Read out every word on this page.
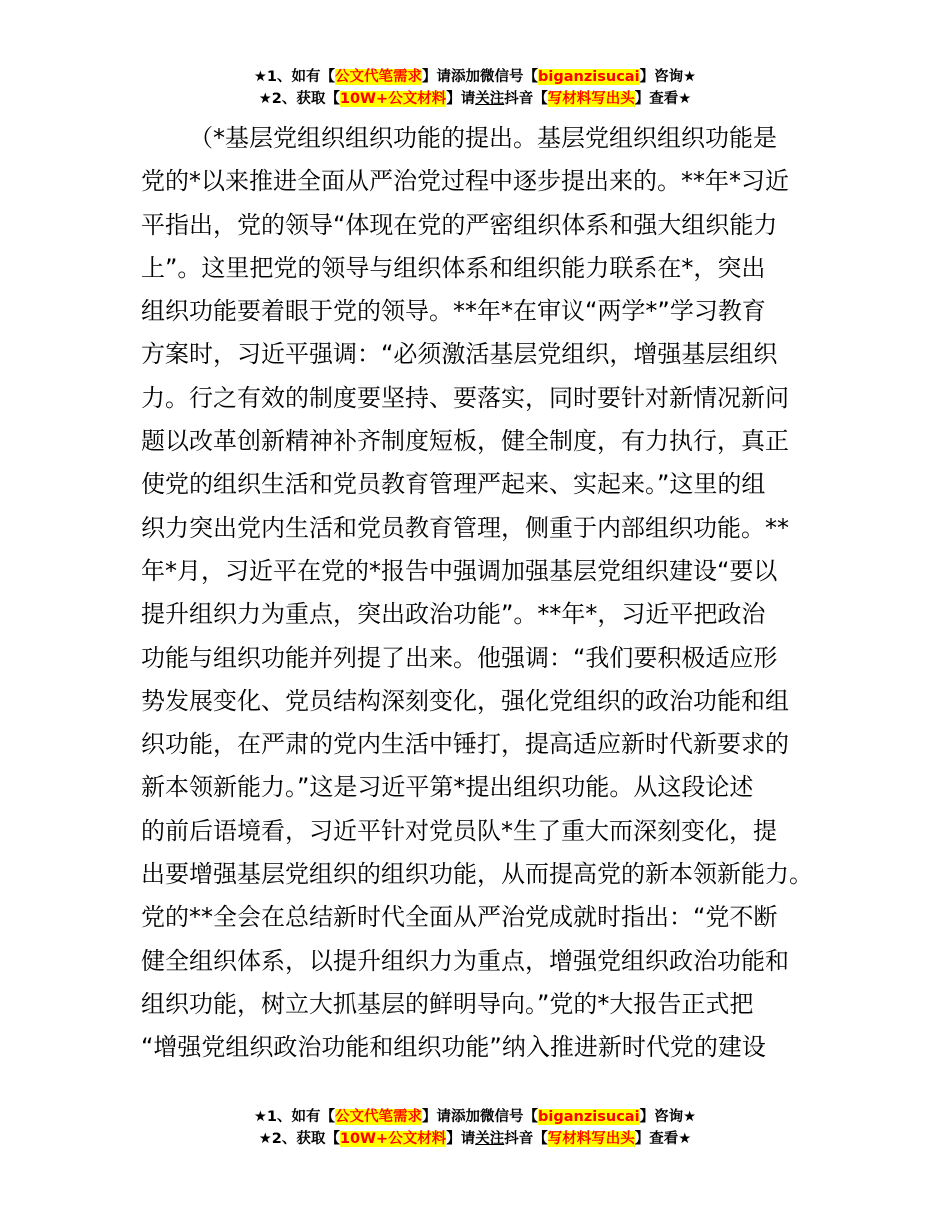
★1、如有【公文代笔需求】请添加微信号【biganzisucai】咨询★
★2、获取【10W+公文材料】请关注抖音【写材料写出头】查看★
（*基层党组织组织功能的提出。基层党组织组织功能是
党的*以来推进全面从严治党过程中逐步提出来的。**年*习近
平指出，党的领导“体现在党的严密组织体系和强大组织能力
上”。这里把党的领导与组织体系和组织能力联系在*，突出
组织功能要着眼于党的领导。**年*在审议“两学*”学习教育
方案时，习近平强调：“必须激活基层党组织，增强基层组织
力。行之有效的制度要坚持、要落实，同时要针对新情况新问
题以改革创新精神补齐制度短板，健全制度，有力执行，真正
使党的组织生活和党员教育管理严起来、实起来。”这里的组
织力突出党内生活和党员教育管理，侧重于内部组织功能。**
年*月，习近平在党的*报告中强调加强基层党组织建设“要以
提升组织力为重点，突出政治功能”。**年*，习近平把政治
功能与组织功能并列提了出来。他强调：“我们要积极适应形
势发展变化、党员结构深刻变化，强化党组织的政治功能和组
织功能，在严肃的党内生活中锤打，提高适应新时代新要求的
新本领新能力。”这是习近平第*提出组织功能。从这段论述
的前后语境看，习近平针对党员队*生了重大而深刻变化，提
出要增强基层党组织的组织功能，从而提高党的新本领新能力。
党的**全会在总结新时代全面从严治党成就时指出：“党不断
健全组织体系，以提升组织力为重点，增强党组织政治功能和
组织功能，树立大抓基层的鲜明导向。”党的*大报告正式把
“增强党组织政治功能和组织功能”纳入推进新时代党的建设
★1、如有【公文代笔需求】请添加微信号【biganzisucai】咨询★
★2、获取【10W+公文材料】请关注抖音【写材料写出头】查看★
